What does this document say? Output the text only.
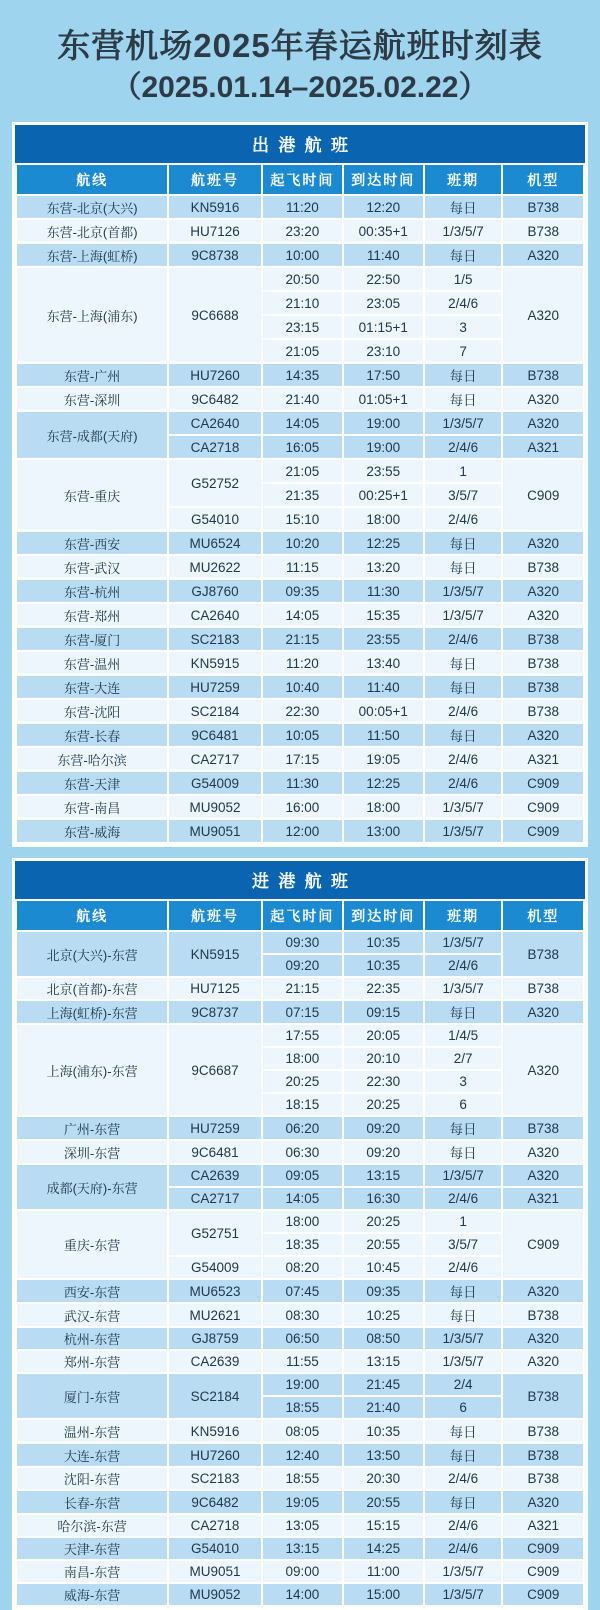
东营机场2025年春运航班时刻表
（2025.01.14–2025.02.22）
出港航班
航线	航班号	起飞时间	到达时间	班期	机型
东营-北京(大兴)	KN5916	11:20	12:20	每日	B738
东营-北京(首都)	HU7126	23:20	00:35+1	1/3/5/7	B738
东营-上海(虹桥)	9C8738	10:00	11:40	每日	A320
东营-上海(浦东)	9C6688	20:50	22:50	1/5	A320
		21:10	23:05	2/4/6	
		23:15	01:15+1	3	
		21:05	23:10	7	
东营-广州	HU7260	14:35	17:50	每日	B738
东营-深圳	9C6482	21:40	01:05+1	每日	A320
东营-成都(天府)	CA2640	14:05	19:00	1/3/5/7	A320
	CA2718	16:05	19:00	2/4/6	A321
东营-重庆	G52752	21:05	23:55	1	C909
		21:35	00:25+1	3/5/7	
	G54010	15:10	18:00	2/4/6	
东营-西安	MU6524	10:20	12:25	每日	A320
东营-武汉	MU2622	11:15	13:20	每日	B738
东营-杭州	GJ8760	09:35	11:30	1/3/5/7	A320
东营-郑州	CA2640	14:05	15:35	1/3/5/7	A320
东营-厦门	SC2183	21:15	23:55	2/4/6	B738
东营-温州	KN5915	11:20	13:40	每日	B738
东营-大连	HU7259	10:40	11:40	每日	B738
东营-沈阳	SC2184	22:30	00:05+1	2/4/6	B738
东营-长春	9C6481	10:05	11:50	每日	A320
东营-哈尔滨	CA2717	17:15	19:05	2/4/6	A321
东营-天津	G54009	11:30	12:25	2/4/6	C909
东营-南昌	MU9052	16:00	18:00	1/3/5/7	C909
东营-威海	MU9051	12:00	13:00	1/3/5/7	C909
进港航班
航线	航班号	起飞时间	到达时间	班期	机型
北京(大兴)-东营	KN5915	09:30	10:35	1/3/5/7	B738
		09:20	10:35	2/4/6	
北京(首都)-东营	HU7125	21:15	22:35	1/3/5/7	B738
上海(虹桥)-东营	9C8737	07:15	09:15	每日	A320
上海(浦东)-东营	9C6687	17:55	20:05	1/4/5	A320
		18:00	20:10	2/7	
		20:25	22:30	3	
		18:15	20:25	6	
广州-东营	HU7259	06:20	09:20	每日	B738
深圳-东营	9C6481	06:30	09:20	每日	A320
成都(天府)-东营	CA2639	09:05	13:15	1/3/5/7	A320
	CA2717	14:05	16:30	2/4/6	A321
重庆-东营	G52751	18:00	20:25	1	C909
		18:35	20:55	3/5/7	
	G54009	08:20	10:45	2/4/6	
西安-东营	MU6523	07:45	09:35	每日	A320
武汉-东营	MU2621	08:30	10:25	每日	B738
杭州-东营	GJ8759	06:50	08:50	1/3/5/7	A320
郑州-东营	CA2639	11:55	13:15	1/3/5/7	A320
厦门-东营	SC2184	19:00	21:45	2/4	B738
		18:55	21:40	6	
温州-东营	KN5916	08:05	10:35	每日	B738
大连-东营	HU7260	12:40	13:50	每日	B738
沈阳-东营	SC2183	18:55	20:30	2/4/6	B738
长春-东营	9C6482	19:05	20:55	每日	A320
哈尔滨-东营	CA2718	13:05	15:15	2/4/6	A321
天津-东营	G54010	13:15	14:25	2/4/6	C909
南昌-东营	MU9051	09:00	11:00	1/3/5/7	C909
威海-东营	MU9052	14:00	15:00	1/3/5/7	C909
